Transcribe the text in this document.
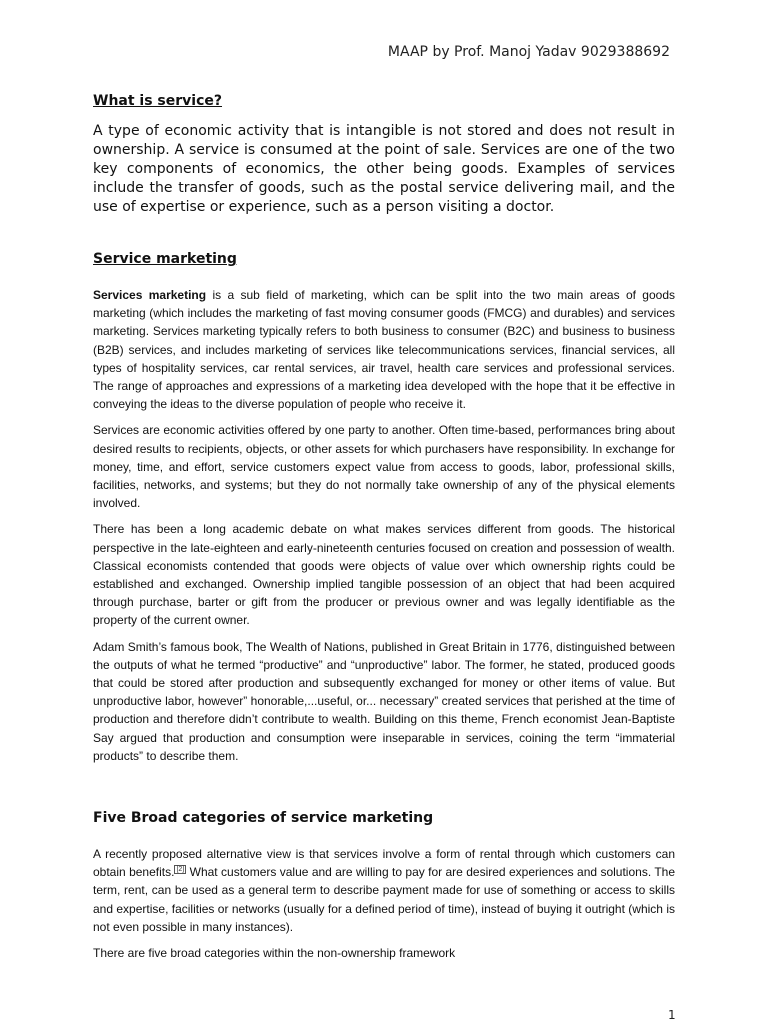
MAAP by Prof. Manoj Yadav 9029388692
What is service?

A type of economic activity that is intangible is not stored and does not result in ownership. A service is consumed at the point of sale. Services are one of the two key components of economics, the other being goods. Examples of services include the transfer of goods, such as the postal service delivering mail, and the use of expertise or experience, such as a person visiting a doctor.

Service marketing

Services marketing is a sub field of marketing, which can be split into the two main areas of goods marketing (which includes the marketing of fast moving consumer goods (FMCG) and durables) and services marketing. Services marketing typically refers to both business to consumer (B2C) and business to business (B2B) services, and includes marketing of services like telecommunications services, financial services, all types of hospitality services, car rental services, air travel, health care services and professional services. The range of approaches and expressions of a marketing idea developed with the hope that it be effective in conveying the ideas to the diverse population of people who receive it.

Services are economic activities offered by one party to another. Often time-based, performances bring about desired results to recipients, objects, or other assets for which purchasers have responsibility. In exchange for money, time, and effort, service customers expect value from access to goods, labor, professional skills, facilities, networks, and systems; but they do not normally take ownership of any of the physical elements involved.

There has been a long academic debate on what makes services different from goods. The historical perspective in the late-eighteen and early-nineteenth centuries focused on creation and possession of wealth. Classical economists contended that goods were objects of value over which ownership rights could be established and exchanged. Ownership implied tangible possession of an object that had been acquired through purchase, barter or gift from the producer or previous owner and was legally identifiable as the property of the current owner.

Adam Smith’s famous book, The Wealth of Nations, published in Great Britain in 1776, distinguished between the outputs of what he termed “productive” and “unproductive” labor. The former, he stated, produced goods that could be stored after production and subsequently exchanged for money or other items of value. But unproductive labor, however” honorable,...useful, or... necessary” created services that perished at the time of production and therefore didn’t contribute to wealth. Building on this theme, French economist Jean-Baptiste Say argued that production and consumption were inseparable in services, coining the term “immaterial products” to describe them.

Five Broad categories of service marketing

A recently proposed alternative view is that services involve a form of rental through which customers can obtain benefits. [2] What customers value and are willing to pay for are desired experiences and solutions. The term, rent, can be used as a general term to describe payment made for use of something or access to skills and expertise, facilities or networks (usually for a defined period of time), instead of buying it outright (which is not even possible in many instances).

There are five broad categories within the non-ownership framework

1
